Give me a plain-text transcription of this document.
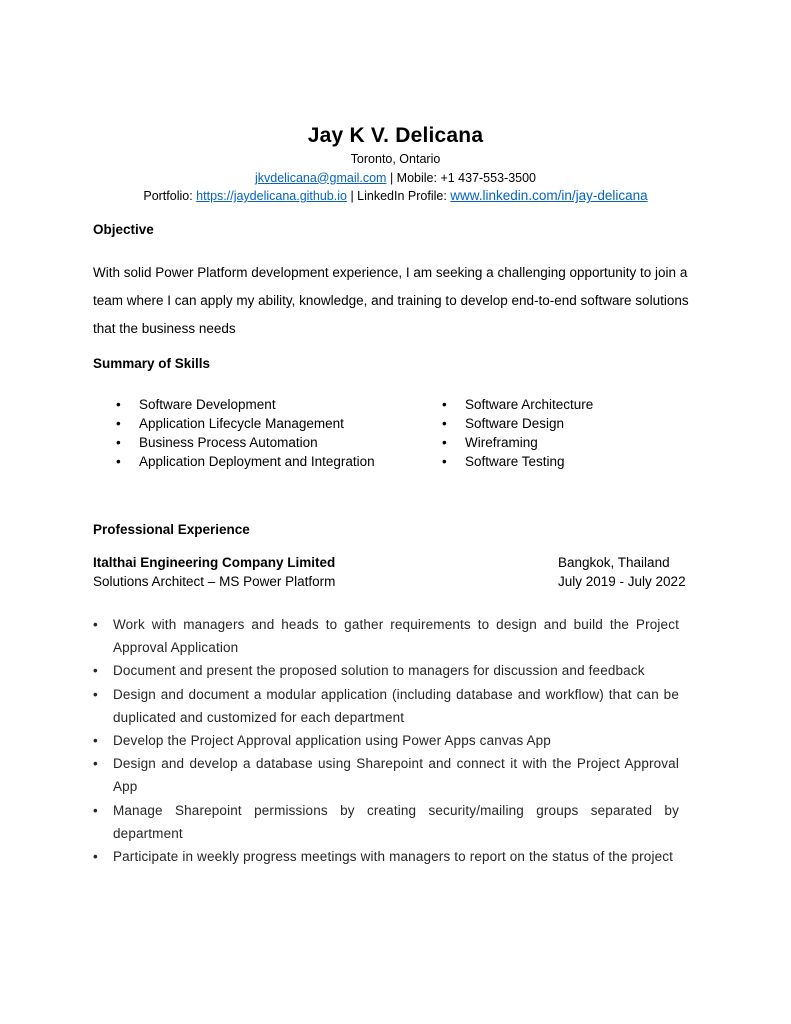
Jay K V. Delicana
Toronto, Ontario
jkvdelicana@gmail.com | Mobile: +1 437-553-3500
Portfolio: https://jaydelicana.github.io | LinkedIn Profile: www.linkedin.com/in/jay-delicana
Objective
With solid Power Platform development experience, I am seeking a challenging opportunity to join a team where I can apply my ability, knowledge, and training to develop end-to-end software solutions that the business needs
Summary of Skills
• Software Development
• Application Lifecycle Management
• Business Process Automation
• Application Deployment and Integration
• Software Architecture
• Software Design
• Wireframing
• Software Testing
Professional Experience
Italthai Engineering Company Limited	Bangkok, Thailand
Solutions Architect – MS Power Platform	July 2019 - July 2022
• Work with managers and heads to gather requirements to design and build the Project Approval Application
• Document and present the proposed solution to managers for discussion and feedback
• Design and document a modular application (including database and workflow) that can be duplicated and customized for each department
• Develop the Project Approval application using Power Apps canvas App
• Design and develop a database using Sharepoint and connect it with the Project Approval App
• Manage Sharepoint permissions by creating security/mailing groups separated by department
• Participate in weekly progress meetings with managers to report on the status of the project
